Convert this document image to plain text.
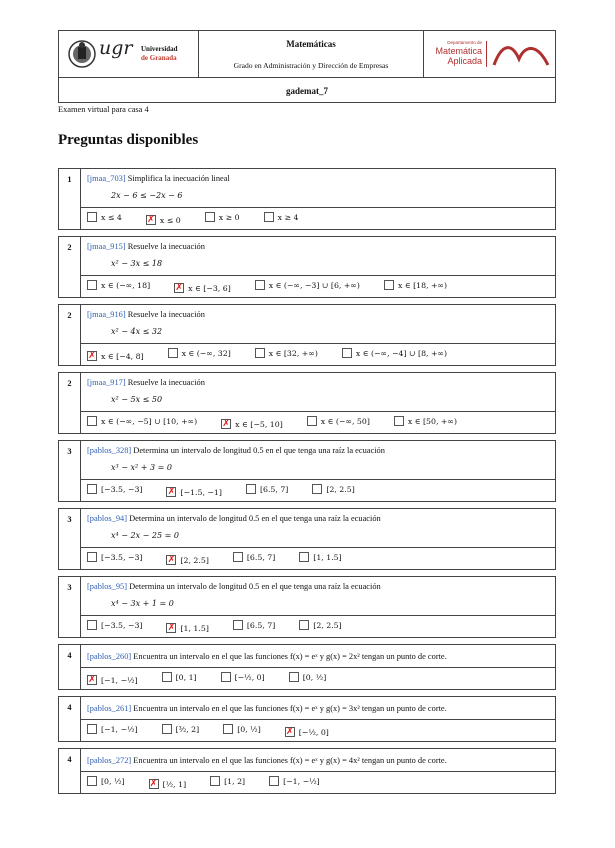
ugr Universidad
de Granada
Matemáticas
Grado en Administración y Dirección de Empresas
Departamento de
Matemática
Aplicada
gademat_7
Examen virtual para casa 4
Preguntas disponibles
1	[jmaa_703] Simplifica la inecuación lineal
2x − 6 ≤ −2x − 6
x ≤ 4	✗ x ≤ 0	x ≥ 0	x ≥ 4
2	[jmaa_915] Resuelve la inecuación
x² − 3x ≤ 18
x ∈ (−∞, 18]	✗ x ∈ [−3, 6]	x ∈ (−∞, −3] ∪ [6, +∞)	x ∈ [18, +∞)
2	[jmaa_916] Resuelve la inecuación
x² − 4x ≤ 32
✗ x ∈ [−4, 8]	x ∈ (−∞, 32]	x ∈ [32, +∞)	x ∈ (−∞, −4] ∪ [8, +∞)
2	[jmaa_917] Resuelve la inecuación
x² − 5x ≤ 50
x ∈ (−∞, −5] ∪ [10, +∞)	✗ x ∈ [−5, 10]	x ∈ (−∞, 50]	x ∈ [50, +∞)
3	[pablos_328] Determina un intervalo de longitud 0.5 en el que tenga una raíz la ecuación
x³ − x² + 3 = 0
[−3.5, −3]	✗ [−1.5, −1]	[6.5, 7]	[2, 2.5]
3	[pablos_94] Determina un intervalo de longitud 0.5 en el que tenga una raíz la ecuación
x⁴ − 2x − 25 = 0
[−3.5, −3]	✗ [2, 2.5]	[6.5, 7]	[1, 1.5]
3	[pablos_95] Determina un intervalo de longitud 0.5 en el que tenga una raíz la ecuación
x⁴ − 3x + 1 = 0
[−3.5, −3]	✗ [1, 1.5]	[6.5, 7]	[2, 2.5]
4	[pablos_260] Encuentra un intervalo en el que las funciones f(x) = eˣ y g(x) = 2x² tengan un punto de corte.
✗ [−1, −½]	[0, 1]	[−½, 0]	[0, ½]
4	[pablos_261] Encuentra un intervalo en el que las funciones f(x) = eˣ y g(x) = 3x² tengan un punto de corte.
[−1, −½]	[³⁄₂, 2]	[0, ½]	✗ [−½, 0]
4	[pablos_272] Encuentra un intervalo en el que las funciones f(x) = eˣ y g(x) = 4x² tengan un punto de corte.
[0, ½]	✗ [½, 1]	[1, 2]	[−1, −½]
